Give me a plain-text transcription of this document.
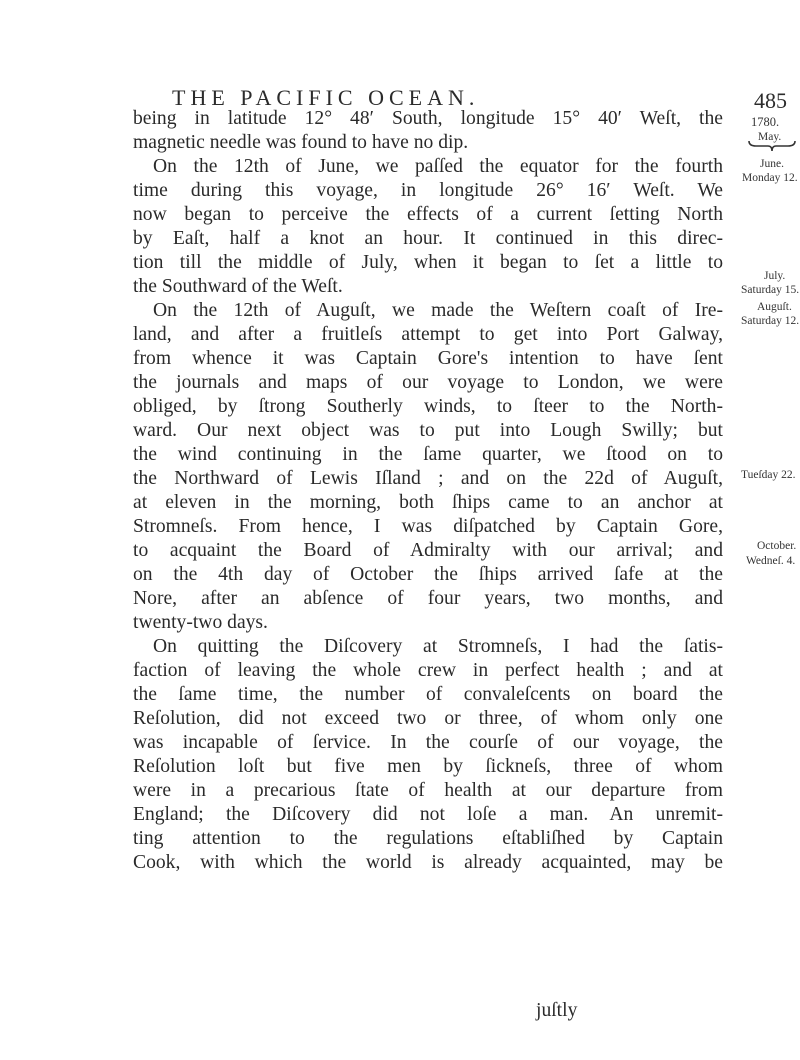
THE PACIFIC OCEAN.	485
being in latitude 12° 48′ South, longitude 15° 40′ Weſt, the
magnetic needle was found to have no dip.
On the 12th of June, we paſſed the equator for the fourth
time during this voyage, in longitude 26° 16′ Weſt. We
now began to perceive the effects of a current ſetting North
by Eaſt, half a knot an hour. It continued in this direc-
tion till the middle of July, when it began to ſet a little to
the Southward of the Weſt.
On the 12th of Auguſt, we made the Weſtern coaſt of Ire-
land, and after a fruitleſs attempt to get into Port Galway,
from whence it was Captain Gore's intention to have ſent
the journals and maps of our voyage to London, we were
obliged, by ſtrong Southerly winds, to ſteer to the North-
ward. Our next object was to put into Lough Swilly; but
the wind continuing in the ſame quarter, we ſtood on to
the Northward of Lewis Iſland ; and on the 22d of Auguſt,
at eleven in the morning, both ſhips came to an anchor at
Stromneſs. From hence, I was diſpatched by Captain Gore,
to acquaint the Board of Admiralty with our arrival; and
on the 4th day of October the ſhips arrived ſafe at the
Nore, after an abſence of four years, two months, and
twenty-two days.
On quitting the Diſcovery at Stromneſs, I had the ſatis-
faction of leaving the whole crew in perfect health ; and at
the ſame time, the number of convaleſcents on board the
Reſolution, did not exceed two or three, of whom only one
was incapable of ſervice. In the courſe of our voyage, the
Reſolution loſt but five men by ſickneſs, three of whom
were in a precarious ſtate of health at our departure from
England; the Diſcovery did not loſe a man. An unremit-
ting attention to the regulations eſtabliſhed by Captain
Cook, with which the world is already acquainted, may be
juſtly
1780.
May.
June.
Monday 12.
July.
Saturday 15.
Auguſt.
Saturday 12.
Tueſday 22.
October.
Wedneſ. 4.
